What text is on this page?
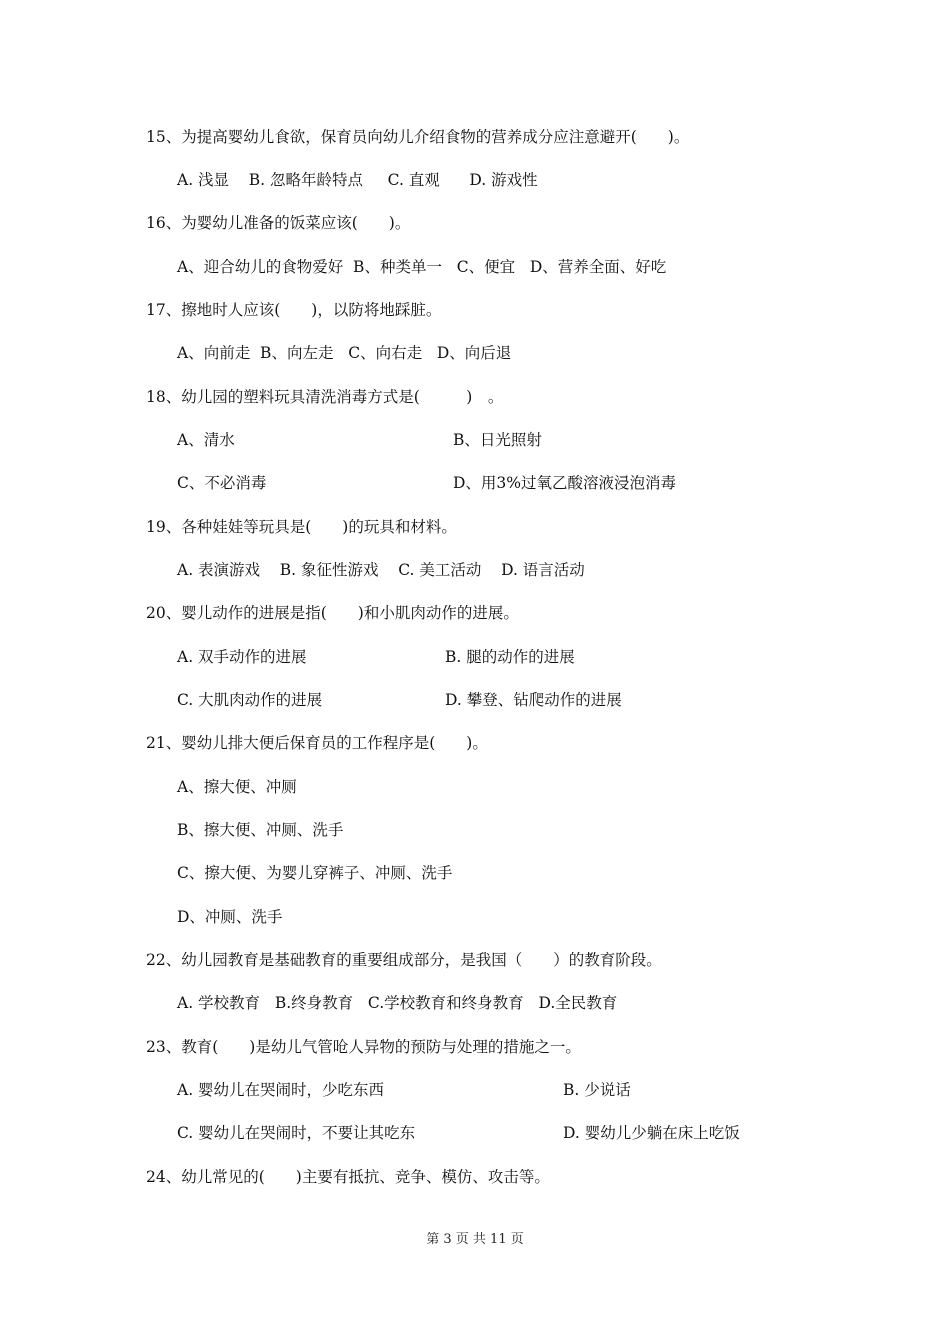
15、为提高婴幼儿食欲，保育员向幼儿介绍食物的营养成分应注意避开(　　)。
A. 浅显    B. 忽略年龄特点     C. 直观      D. 游戏性
16、为婴幼儿准备的饭菜应该(　　)。
A、迎合幼儿的食物爱好  B、种类单一   C、便宜   D、营养全面、好吃
17、擦地时人应该(　　)，以防将地踩脏。
A、向前走  B、向左走   C、向右走   D、向后退
18、幼儿园的塑料玩具清洗消毒方式是(　　　)　。
A、清水	B、日光照射
C、不必消毒	D、用3%过氧乙酸溶液浸泡消毒
19、各种娃娃等玩具是(　　)的玩具和材料。
A. 表演游戏    B. 象征性游戏    C. 美工活动    D. 语言活动
20、婴儿动作的进展是指(　　)和小肌肉动作的进展。
A. 双手动作的进展	B. 腿的动作的进展
C. 大肌肉动作的进展	D. 攀登、钻爬动作的进展
21、婴幼儿排大便后保育员的工作程序是(　　)。
A、擦大便、冲厕
B、擦大便、冲厕、洗手
C、擦大便、为婴儿穿裤子、冲厕、洗手
D、冲厕、洗手
22、幼儿园教育是基础教育的重要组成部分，是我国（　　）的教育阶段。
A. 学校教育   B.终身教育   C.学校教育和终身教育   D.全民教育
23、教育(　　)是幼儿气管呛人异物的预防与处理的措施之一。
A. 婴幼儿在哭闹时，少吃东西	B. 少说话
C. 婴幼儿在哭闹时，不要让其吃东	D. 婴幼儿少躺在床上吃饭
24、幼儿常见的(　　)主要有抵抗、竞争、模仿、攻击等。
第 3 页 共 11 页
